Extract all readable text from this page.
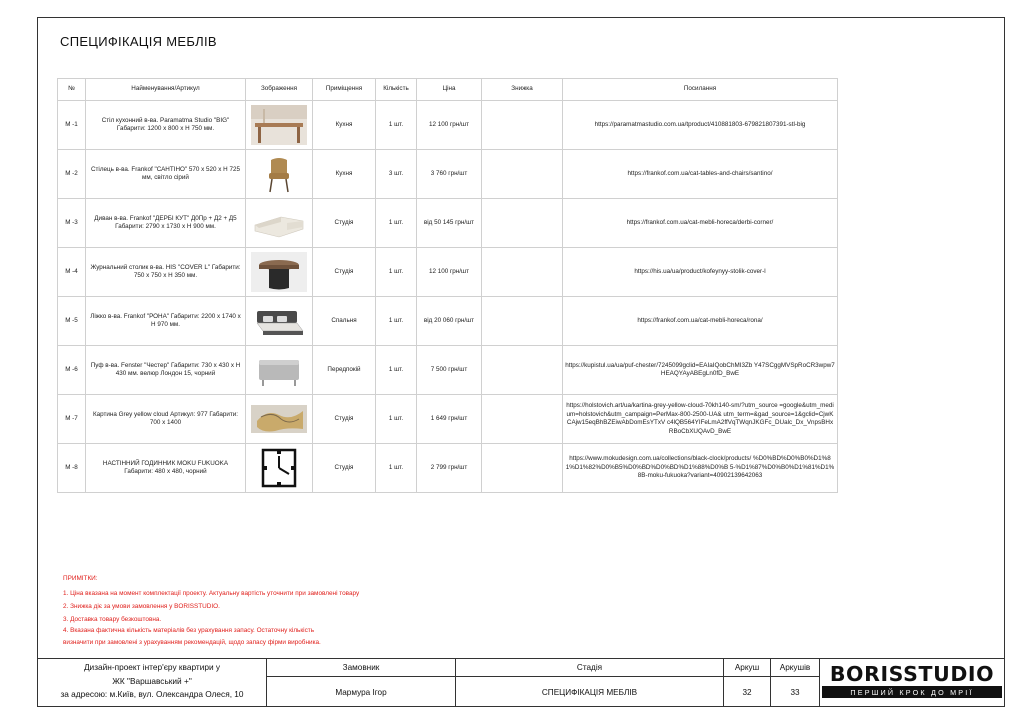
СПЕЦИФІКАЦІЯ МЕБЛІВ
№	Найменування/Артикул	Зображення	Приміщення	Кількість	Ціна	Знижка	Посилання
М -1	Стіл кухонний в-ва. Paramatma Studio "BIG" Габарити: 1200 х 800 х Н 750 мм.		Кухня	1 шт.	12 100 грн/шт		https://paramatmastudio.com.ua/tproduct/410881803-679821807391-stl-big
М -2	Стілець в-ва. Frankof "САНТІНО" 570 х 520 х Н 725 мм, світло сірий		Кухня	3 шт.	3 760 грн/шт		https://frankof.com.ua/cat-tables-and-chairs/santino/
М -3	Диван в-ва. Frankof "ДЕРБІ КУТ" Д0Пр + Д2 + Д5 Габарити: 2790 х 1730 х Н 900 мм.		Студія	1 шт.	від 50 145 грн/шт		https://frankof.com.ua/cat-mebli-horeca/derbi-corner/
М -4	Журнальний столик в-ва. HIS "COVER L" Габарити: 750 х 750 х Н 350 мм.		Студія	1 шт.	12 100 грн/шт		https://his.ua/ua/product/kofeynyy-stolik-cover-l
М -5	Ліжко в-ва. Frankof "РОНА" Габарити: 2200 х 1740 х Н 970 мм.		Спальня	1 шт.	від 20 060 грн/шт		https://frankof.com.ua/cat-mebli-horeca/rona/
М -6	Пуф в-ва. Fenster "Честер" Габарити: 730 х 430 х Н 430 мм. велюр Лондон 15, чорний		Передпокій	1 шт.	7 500 грн/шт		https://kupistul.ua/ua/puf-chester/7245099gclid=EAIaIQobChMI3Zb Y47SCggMVSpRoCR3wpw7HEAQYAyABEgLn0fD_BwE
М -7	Картина Grey yellow cloud Артикул: 977 Габарити: 700 х 1400		Студія	1 шт.	1 649 грн/шт		https://holstovich.art/ua/kartina-grey-yellow-cloud-70kh140-sm/?utm_source =google&utm_medium=holstovich&utm_campaign=PerMax-800-2500-UA& utm_term=&gad_source=1&gclid=CjwKCAjw15eqBhBZEiwAbDomEsYTxV c4lQB564YIFeLmA2ffVqTWqnJKGFc_DUalc_Dx_VnpsBHxRBoCbXUQAvD_BwE
М -8	НАСТІННИЙ ГОДИННИК MOKU FUKUOKA Габарити: 480 х 480, чорний		Студія	1 шт.	2 799 грн/шт		https://www.mokudesign.com.ua/collections/black-clock/products/ %D0%BD%D0%B0%D1%81%D1%82%D0%B5%D0%BD%D0%BD%D1%88%D0%B 5-%D1%87%D0%B0%D1%81%D1%8B-moku-fukuoka?variant=40902139642063
ПРИМІТКИ:
1. Ціна вказана на момент комплектації проекту. Актуальну вартість уточнити при замовлені товару
2. Знижка діє за умови замовлення у BORISSTUDIO.
3. Доставка товару безкоштовна.
4. Вказана фактична кількість матеріалів без урахування запасу. Остаточну кількість
визначити при замовлені з урахуванням рекомендацій, щодо запасу фірми виробника.
Дизайн-проект інтер'єру квартири у
ЖК "Варшавський +"
за адресою: м.Київ, вул. Олександра Олеся, 10
Замовник
Мармура Ігор
Стадія
СПЕЦИФІКАЦІЯ МЕБЛІВ
Аркуш
32
Аркушів
33
BORISSTUDIO
ПЕРШИЙ КРОК ДО МРІЇ
